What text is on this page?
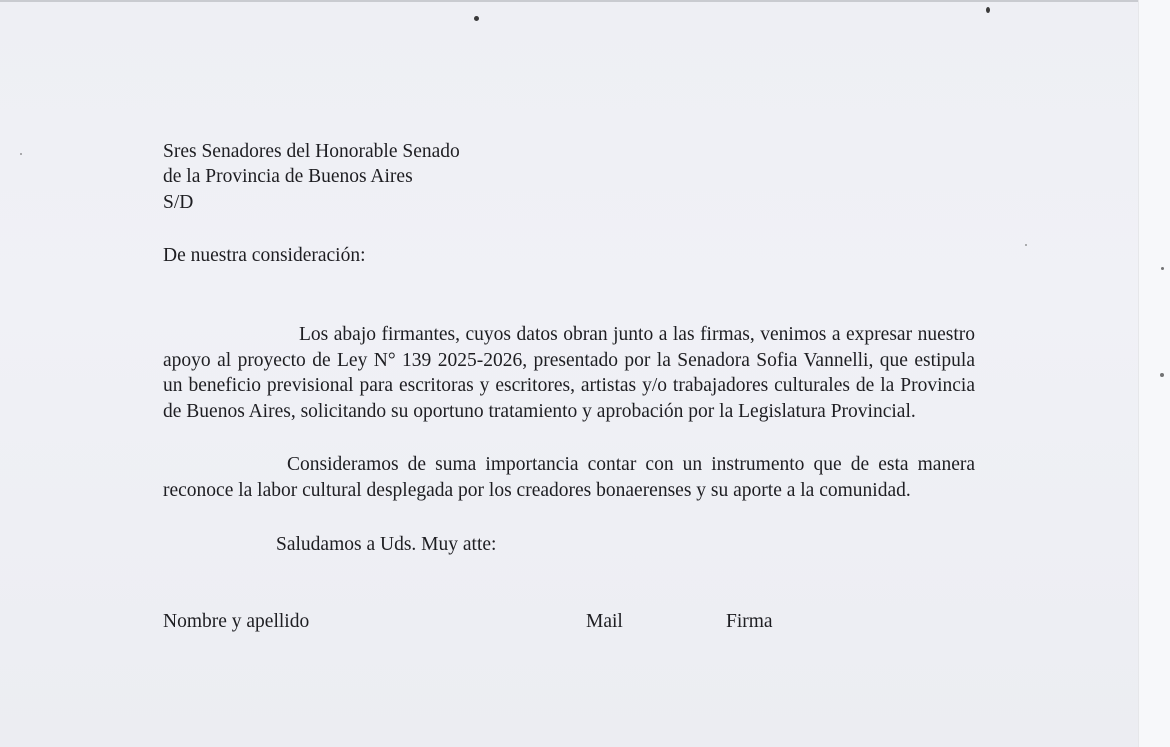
Sres Senadores del Honorable Senado
de la Provincia de Buenos Aires
S/D
De nuestra consideración:
Los abajo firmantes, cuyos datos obran junto a las firmas, venimos a expresar nuestro apoyo al proyecto de Ley N° 139 2025-2026, presentado por la Senadora Sofia Vannelli, que estipula un beneficio previsional para escritoras y escritores, artistas y/o trabajadores culturales de la Provincia de Buenos Aires, solicitando su oportuno tratamiento y aprobación por la Legislatura Provincial.
Consideramos de suma importancia contar con un instrumento que de esta manera reconoce la labor cultural desplegada por los creadores bonaerenses y su aporte a la comunidad.
Saludamos a Uds. Muy atte:
Nombre y apellido	Mail	Firma
